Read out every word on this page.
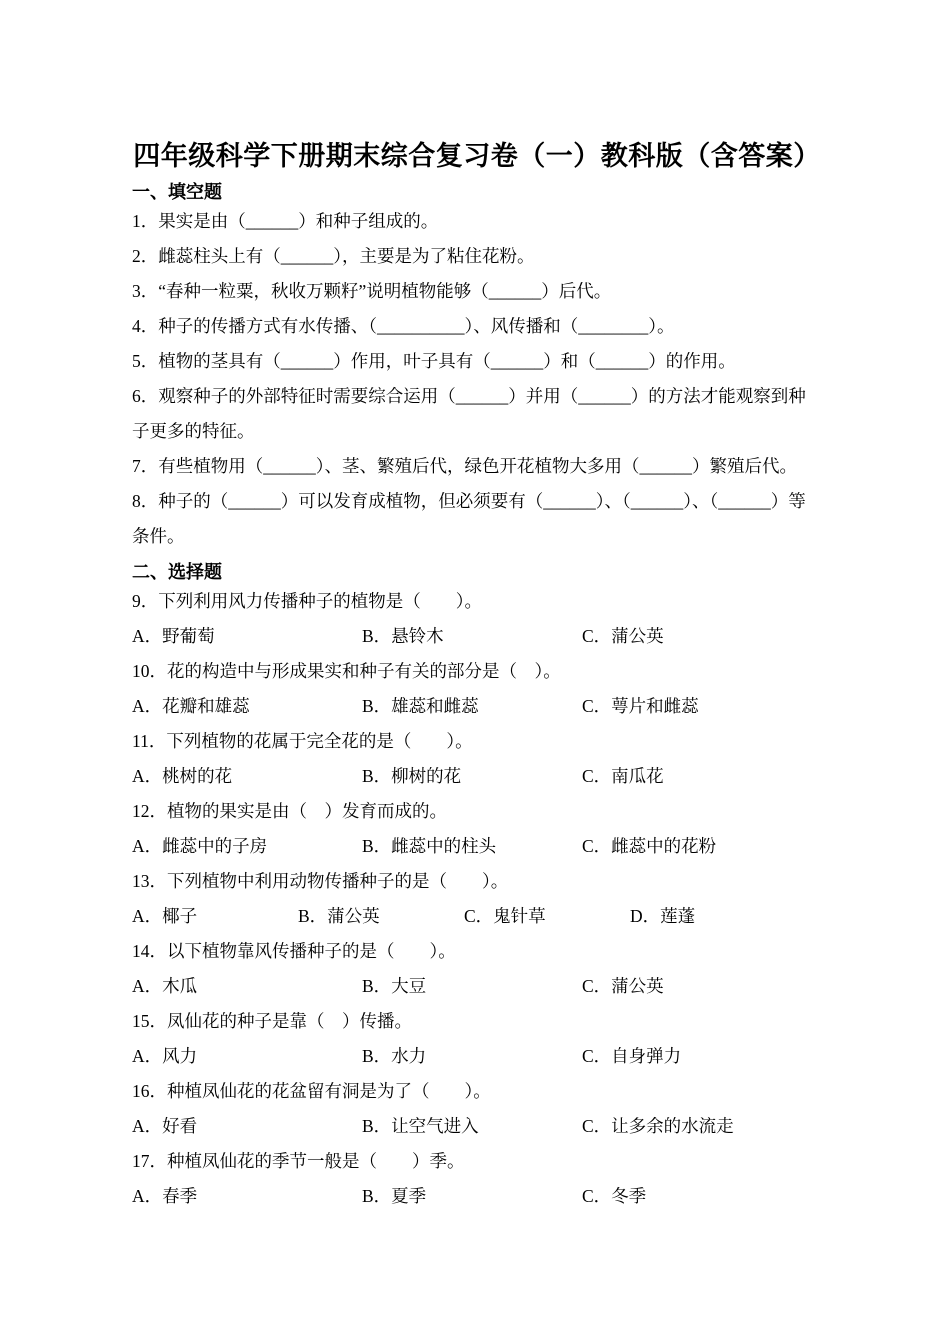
四年级科学下册期末综合复习卷（一）教科版（含答案）
一、填空题
1．果实是由（______）和种子组成的。
2．雌蕊柱头上有（______），主要是为了粘住花粉。
3．“春种一粒粟，秋收万颗籽”说明植物能够（______）后代。
4．种子的传播方式有水传播、（__________）、风传播和（________）。
5．植物的茎具有（______）作用，叶子具有（______）和（______）的作用。
6．观察种子的外部特征时需要综合运用（______）并用（______）的方法才能观察到种子更多的特征。
7．有些植物用（______）、茎、繁殖后代，绿色开花植物大多用（______）繁殖后代。
8．种子的（______）可以发育成植物，但必须要有（______）、（______）、（______）等条件。
二、选择题
9．下列利用风力传播种子的植物是（　　）。
A．野葡萄	B．悬铃木	C．蒲公英
10．花的构造中与形成果实和种子有关的部分是（　）。
A．花瓣和雄蕊	B．雄蕊和雌蕊	C．萼片和雌蕊
11．下列植物的花属于完全花的是（　　）。
A．桃树的花	B．柳树的花	C．南瓜花
12．植物的果实是由（　）发育而成的。
A．雌蕊中的子房	B．雌蕊中的柱头	C．雌蕊中的花粉
13．下列植物中利用动物传播种子的是（　　）。
A．椰子	B．蒲公英	C．鬼针草	D．莲蓬
14．以下植物靠风传播种子的是（　　）。
A．木瓜	B．大豆	C．蒲公英
15．凤仙花的种子是靠（　）传播。
A．风力	B．水力	C．自身弹力
16．种植凤仙花的花盆留有洞是为了（　　）。
A．好看	B．让空气进入	C．让多余的水流走
17．种植凤仙花的季节一般是（　　）季。
A．春季	B．夏季	C．冬季
